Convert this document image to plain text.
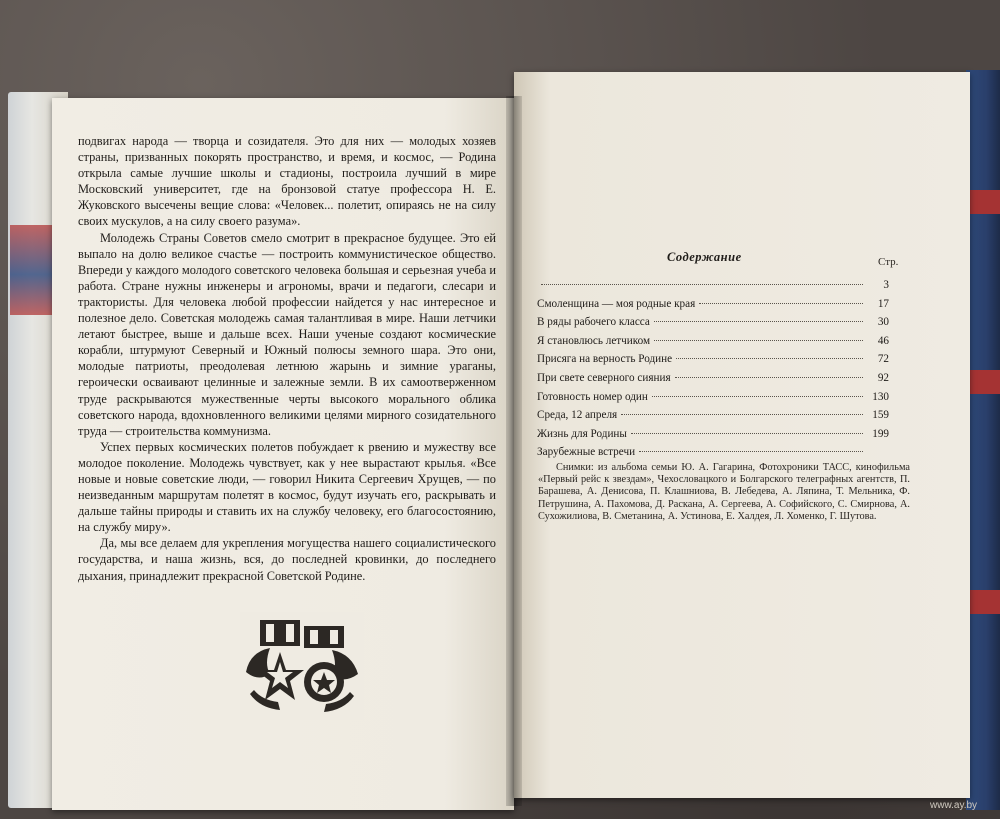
подвигах народа — творца и созидателя. Это для них — молодых хозяев страны, призванных покорять пространство, и время, и космос, — Родина открыла самые лучшие школы и стадионы, построила лучший в мире Московский университет, где на бронзовой статуе профессора Н. Е. Жуковского высечены вещие слова: «Человек... полетит, опираясь не на силу своих мускулов, а на силу своего разума».

Молодежь Страны Советов смело смотрит в прекрасное будущее. Это ей выпало на долю великое счастье — построить коммунистическое общество. Впереди у каждого молодого советского человека большая и серьезная учеба и работа. Стране нужны инженеры и агрономы, врачи и педагоги, слесари и трактористы. Для человека любой профессии найдется у нас интересное и полезное дело. Советская молодежь самая талантливая в мире. Наши летчики летают быстрее, выше и дальше всех. Наши ученые создают космические корабли, штурмуют Северный и Южный полюсы земного шара. Это они, молодые патриоты, преодолевая летнюю жарынь и зимние ураганы, героически осваивают целинные и залежные земли. В их самоотверженном труде раскрываются мужественные черты высокого морального облика советского народа, вдохновленного великими целями мирного созидательного труда — строительства коммунизма.

Успех первых космических полетов побуждает к рвению и мужеству все молодое поколение. Молодежь чувствует, как у нее вырастают крылья. «Все новые и новые советские люди, — говорил Никита Сергеевич Хрущев, — по неизведанным маршрутам полетят в космос, будут изучать его, раскрывать и дальше тайны природы и ставить их на службу человеку, его благосостоянию, на службу миру».

Да, мы все делаем для укрепления могущества нашего социалистического государства, и наша жизнь, вся, до последней кровинки, до последнего дыхания, принадлежит прекрасной Советской Родине.

Стр.
Содержание
3
Смоленщина — моя родные края	17
В ряды рабочего класса	30
Я становлюсь летчиком	46
Присяга на верность Родине	72
При свете северного сияния	92
Готовность номер один	130
Среда, 12 апреля	159
Жизнь для Родины	199
Зарубежные встречи
Снимки: из альбома семьи Ю. А. Гагарина, Фотохроники ТАСС, кинофильма «Первый рейс к звездам», Чехословацкого и Болгарского телеграфных агентств, П. Барашева, А. Денисова, П. Клашниова, В. Лебедева, А. Ляпина, Т. Мельника, Ф. Петрушина, А. Пахомова, Д. Раскана, А. Сергеева, А. Софийского, С. Смирнова, А. Сухожилиова, В. Сметанина, А. Устинова, Е. Халдея, Л. Хоменко, Г. Шутова.
www.ay.by
